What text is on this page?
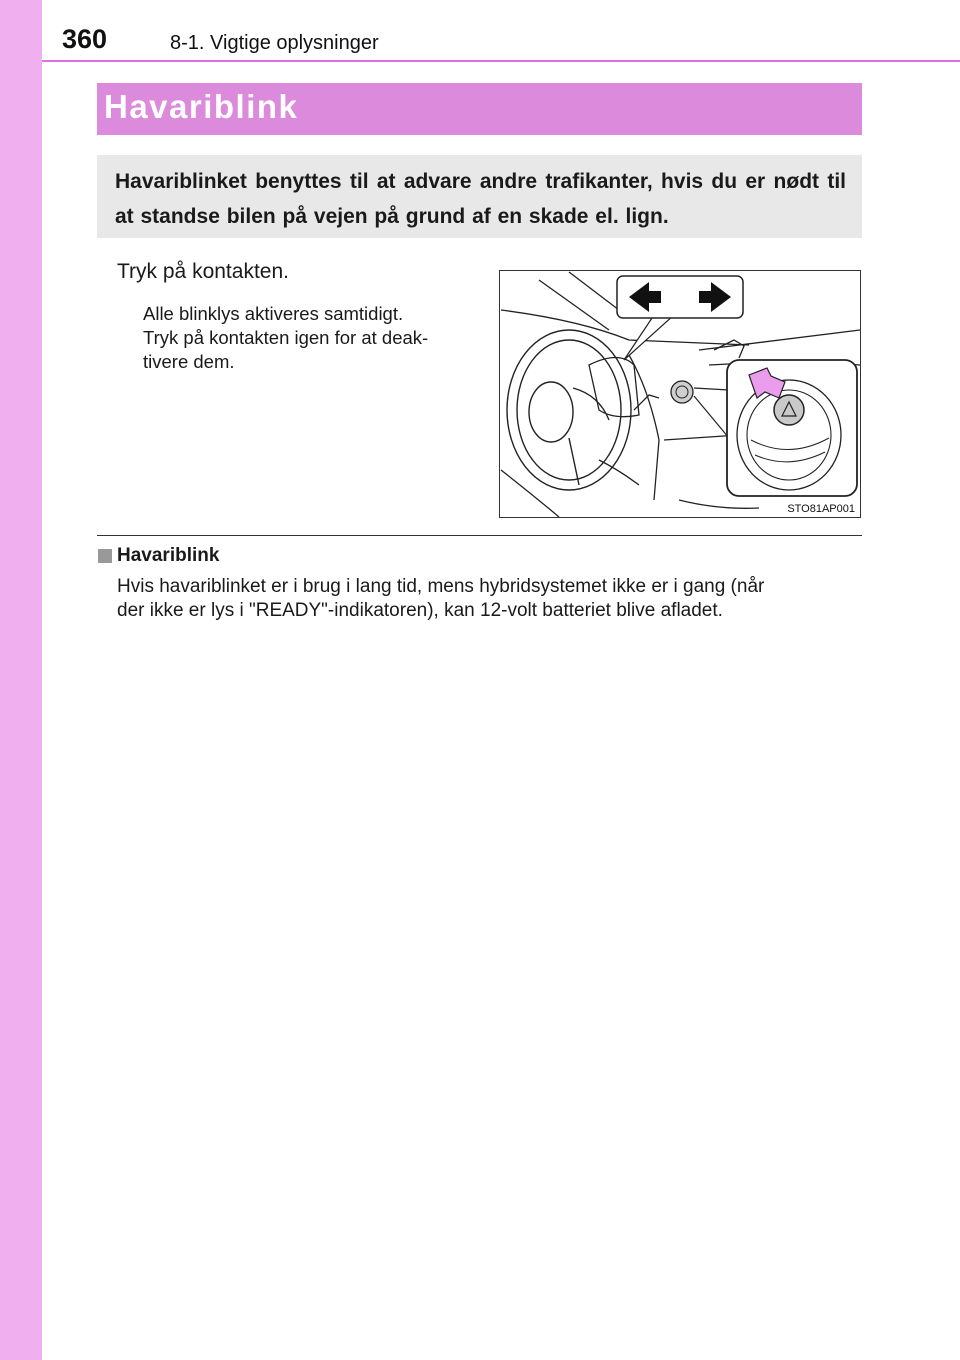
360	8-1. Vigtige oplysninger
Havariblink
Havariblinket benyttes til at advare andre trafikanter, hvis du er nødt til at standse bilen på vejen på grund af en skade el. lign.
Tryk på kontakten.
Alle blinklys aktiveres samtidigt.
Tryk på kontakten igen for at deak-
tivere dem.
STO81AP001
Havariblink
Hvis havariblinket er i brug i lang tid, mens hybridsystemet ikke er i gang (når
der ikke er lys i "READY"-indikatoren), kan 12-volt batteriet blive afladet.
